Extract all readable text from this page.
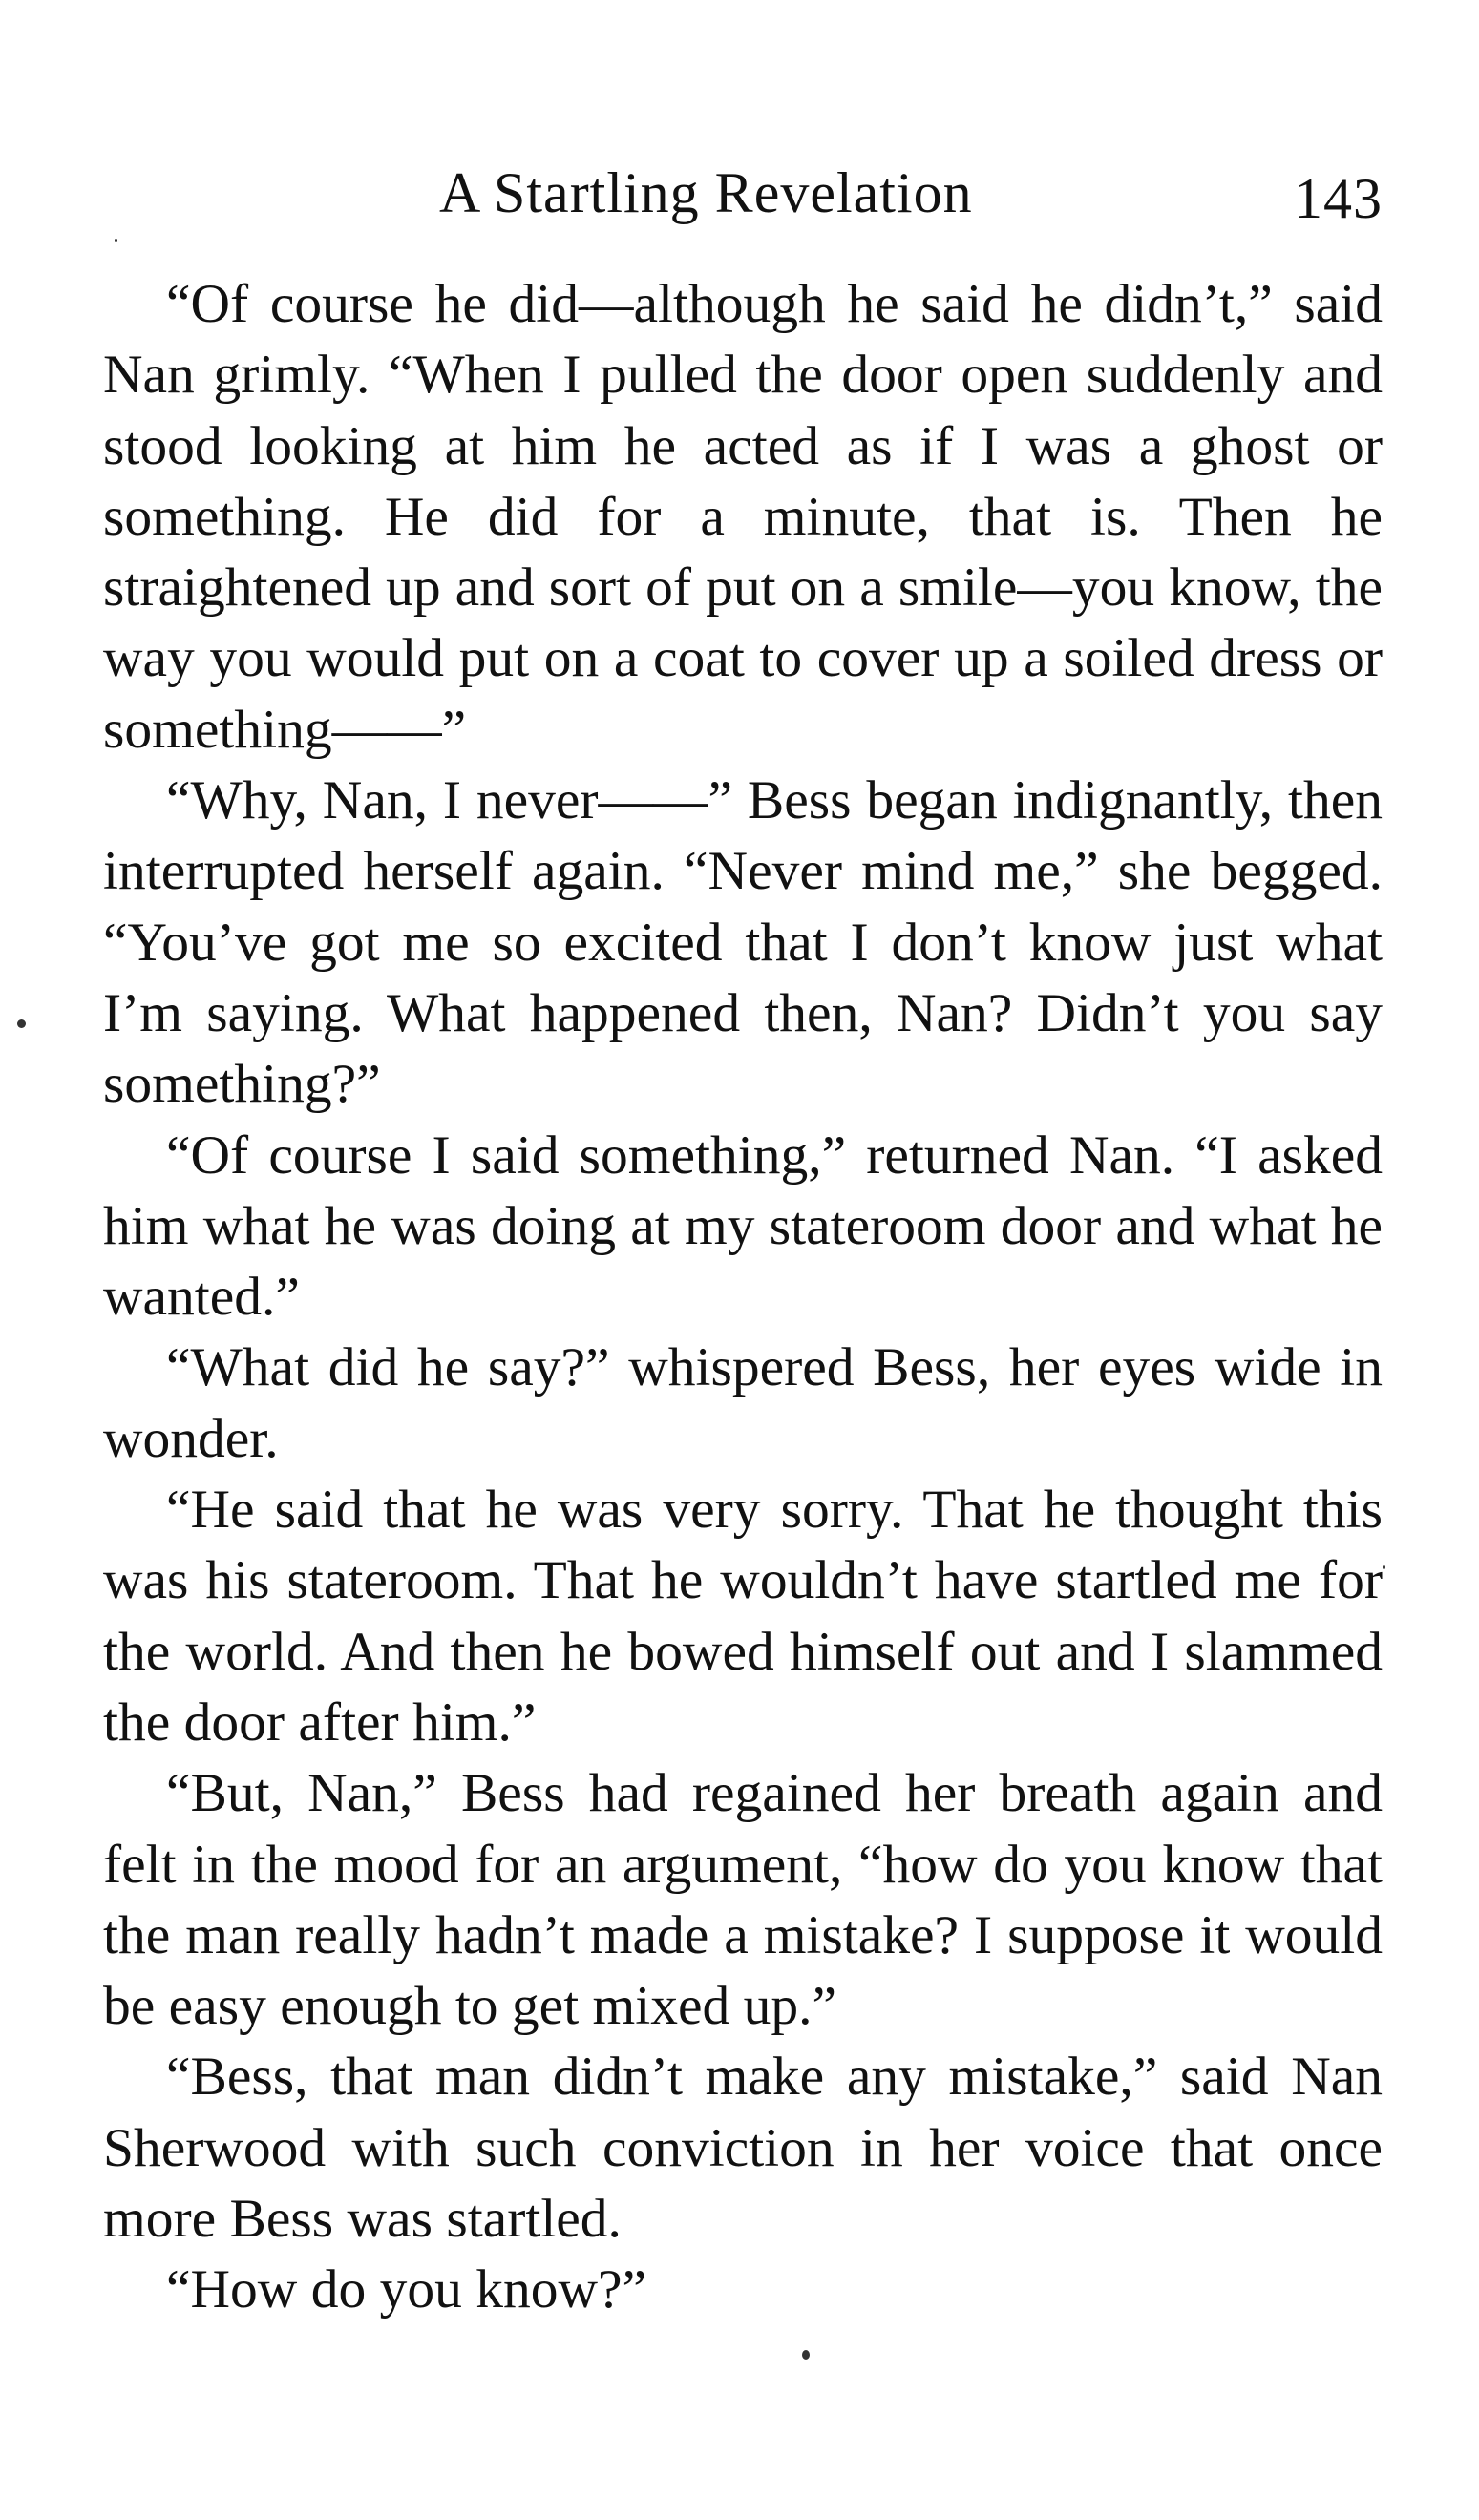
A Startling Revelation	143

“Of course he did—although he said he didn’t,” said Nan grimly. “When I pulled the door open suddenly and stood looking at him he acted as if I was a ghost or something. He did for a minute, that is. Then he straightened up and sort of put on a smile—you know, the way you would put on a coat to cover up a soiled dress or something——”

“Why, Nan, I never——” Bess began indignantly, then interrupted herself again. “Never mind me,” she begged. “You’ve got me so excited that I don’t know just what I’m saying. What happened then, Nan? Didn’t you say something?”

“Of course I said something,” returned Nan. “I asked him what he was doing at my stateroom door and what he wanted.”

“What did he say?” whispered Bess, her eyes wide in wonder.

“He said that he was very sorry. That he thought this was his stateroom. That he wouldn’t have startled me for the world. And then he bowed himself out and I slammed the door after him.”

“But, Nan,” Bess had regained her breath again and felt in the mood for an argument, “how do you know that the man really hadn’t made a mistake? I suppose it would be easy enough to get mixed up.”

“Bess, that man didn’t make any mistake,” said Nan Sherwood with such conviction in her voice that once more Bess was startled.

“How do you know?”
